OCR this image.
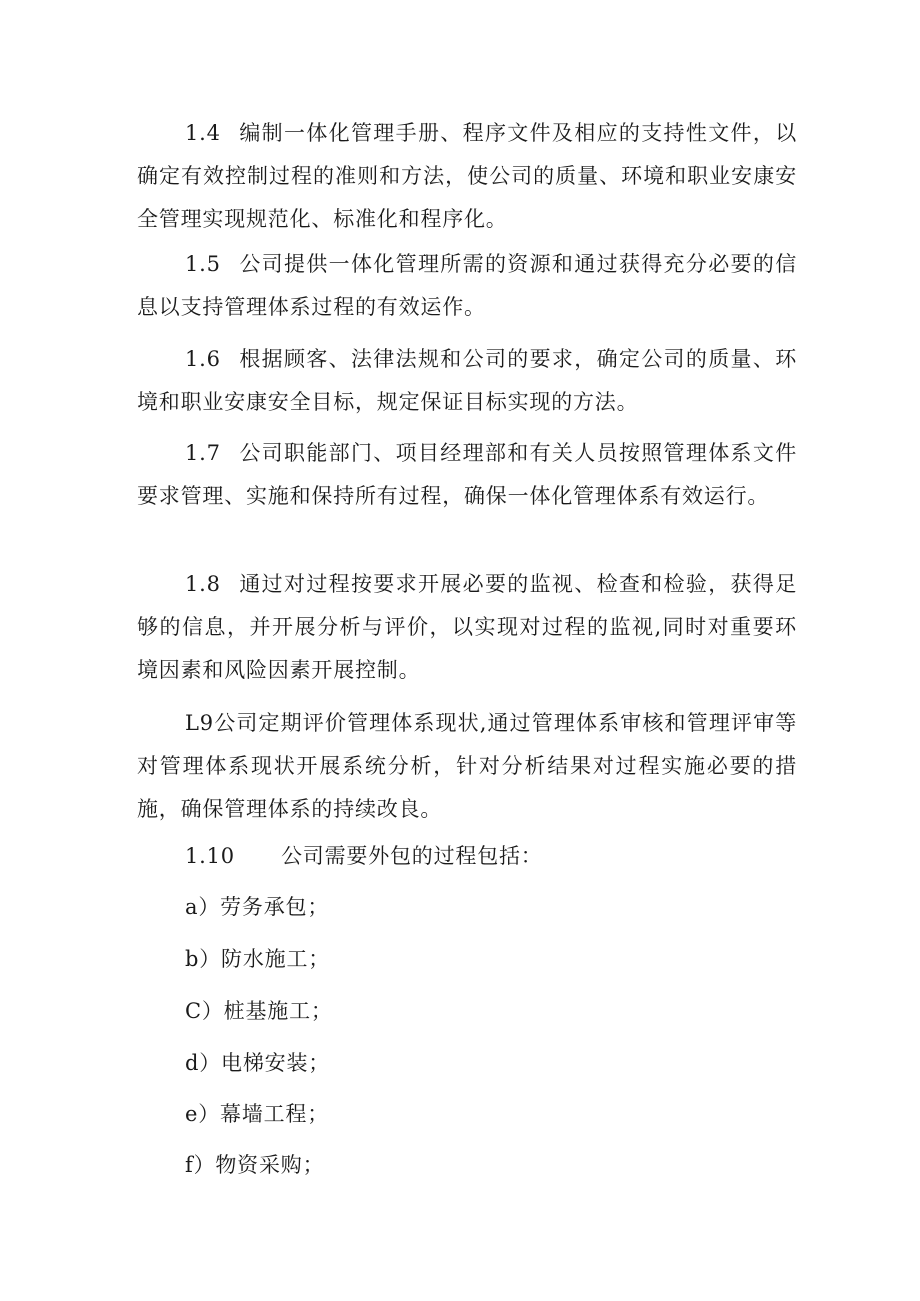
1.4 编制一体化管理手册、程序文件及相应的支持性文件，以确定有效控制过程的准则和方法，使公司的质量、环境和职业安康安全管理实现规范化、标准化和程序化。

1.5 公司提供一体化管理所需的资源和通过获得充分必要的信息以支持管理体系过程的有效运作。

1.6 根据顾客、法律法规和公司的要求，确定公司的质量、环境和职业安康安全目标，规定保证目标实现的方法。

1.7 公司职能部门、项目经理部和有关人员按照管理体系文件要求管理、实施和保持所有过程，确保一体化管理体系有效运行。

1.8 通过对过程按要求开展必要的监视、检查和检验，获得足够的信息，并开展分析与评价，以实现对过程的监视,同时对重要环境因素和风险因素开展控制。

L9公司定期评价管理体系现状,通过管理体系审核和管理评审等对管理体系现状开展系统分析，针对分析结果对过程实施必要的措施，确保管理体系的持续改良。

1.10 公司需要外包的过程包括：

a）劳务承包；

b）防水施工；

C）桩基施工；

d）电梯安装；

e）幕墙工程；

f）物资采购；
